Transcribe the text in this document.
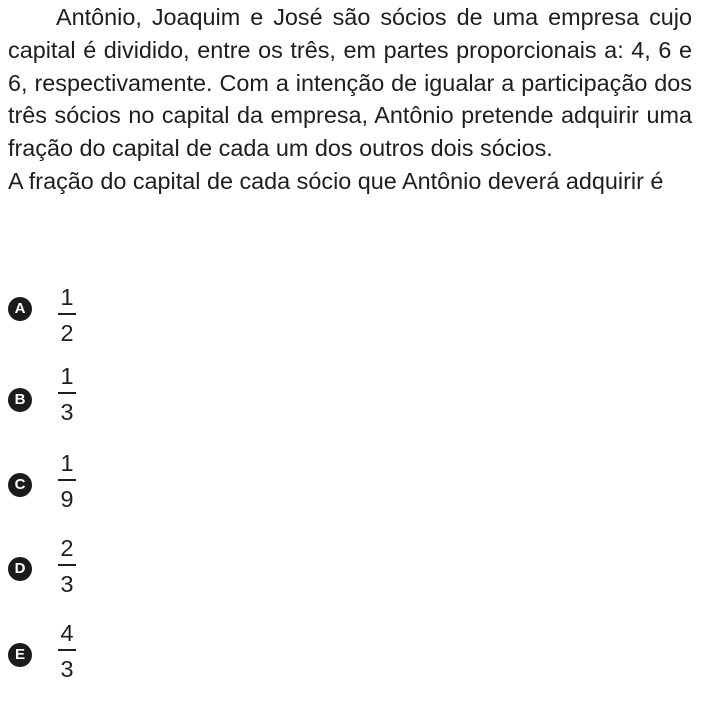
Antônio, Joaquim e José são sócios de uma empresa cujo capital é dividido, entre os três, em partes proporcionais a: 4, 6 e 6, respectivamente. Com a intenção de igualar a participação dos três sócios no capital da empresa, Antônio pretende adquirir uma fração do capital de cada um dos outros dois sócios.

A fração do capital de cada sócio que Antônio deverá adquirir é

A 1
2
B
1
3
C
1
9
D
2
3
E
4
3
